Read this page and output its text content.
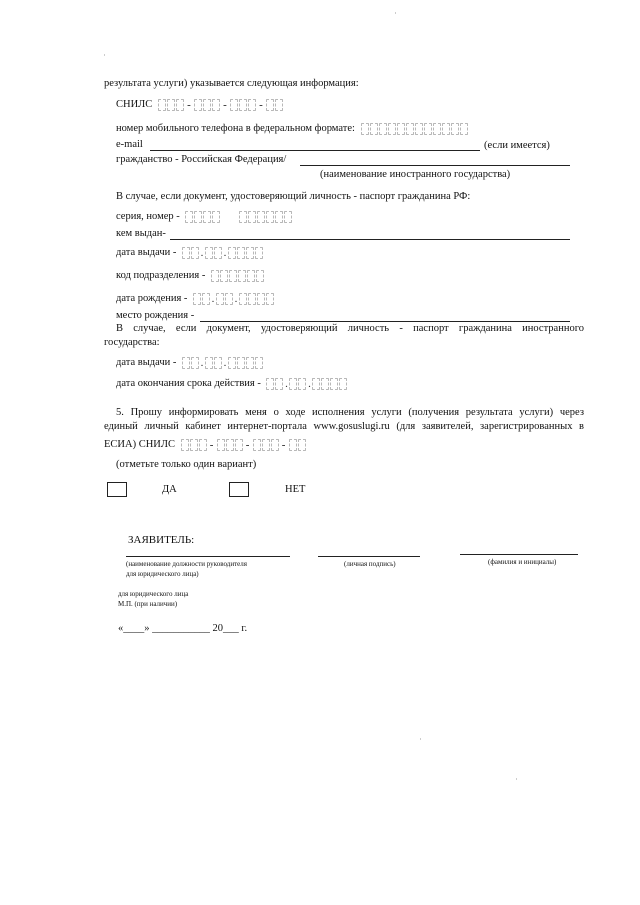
результата услуги) указывается следующая информация:
СНИЛС	-	-	-
номер мобильного телефона в федеральном формате:
e-mail	(если имеется)
гражданство - Российская Федерация/
(наименование иностранного государства)
В случае, если документ, удостоверяющий личность - паспорт гражданина РФ:
серия, номер -

кем выдан-
дата выдачи - . .
код подразделения -
дата рождения - . .
место рождения -
В случае, если документ, удостоверяющий личность - паспорт гражданина иностранного
государства:
дата выдачи - . .
дата окончания срока действия - . .
5. Прошу информировать меня о ходе исполнения услуги (получения результата услуги) через
единый личный кабинет интернет-портала www.gosuslugi.ru (для заявителей, зарегистрированных в
ЕСИА) СНИЛС	-	-	-
(отметьте только один вариант)
ДА	НЕТ
ЗАЯВИТЕЛЬ:
(наименование должности руководителя
для юридического лица)
(личная подпись)	(фамилия и инициалы)
для юридического лица
М.П. (при наличии)
«____» ___________ 20___ г.
